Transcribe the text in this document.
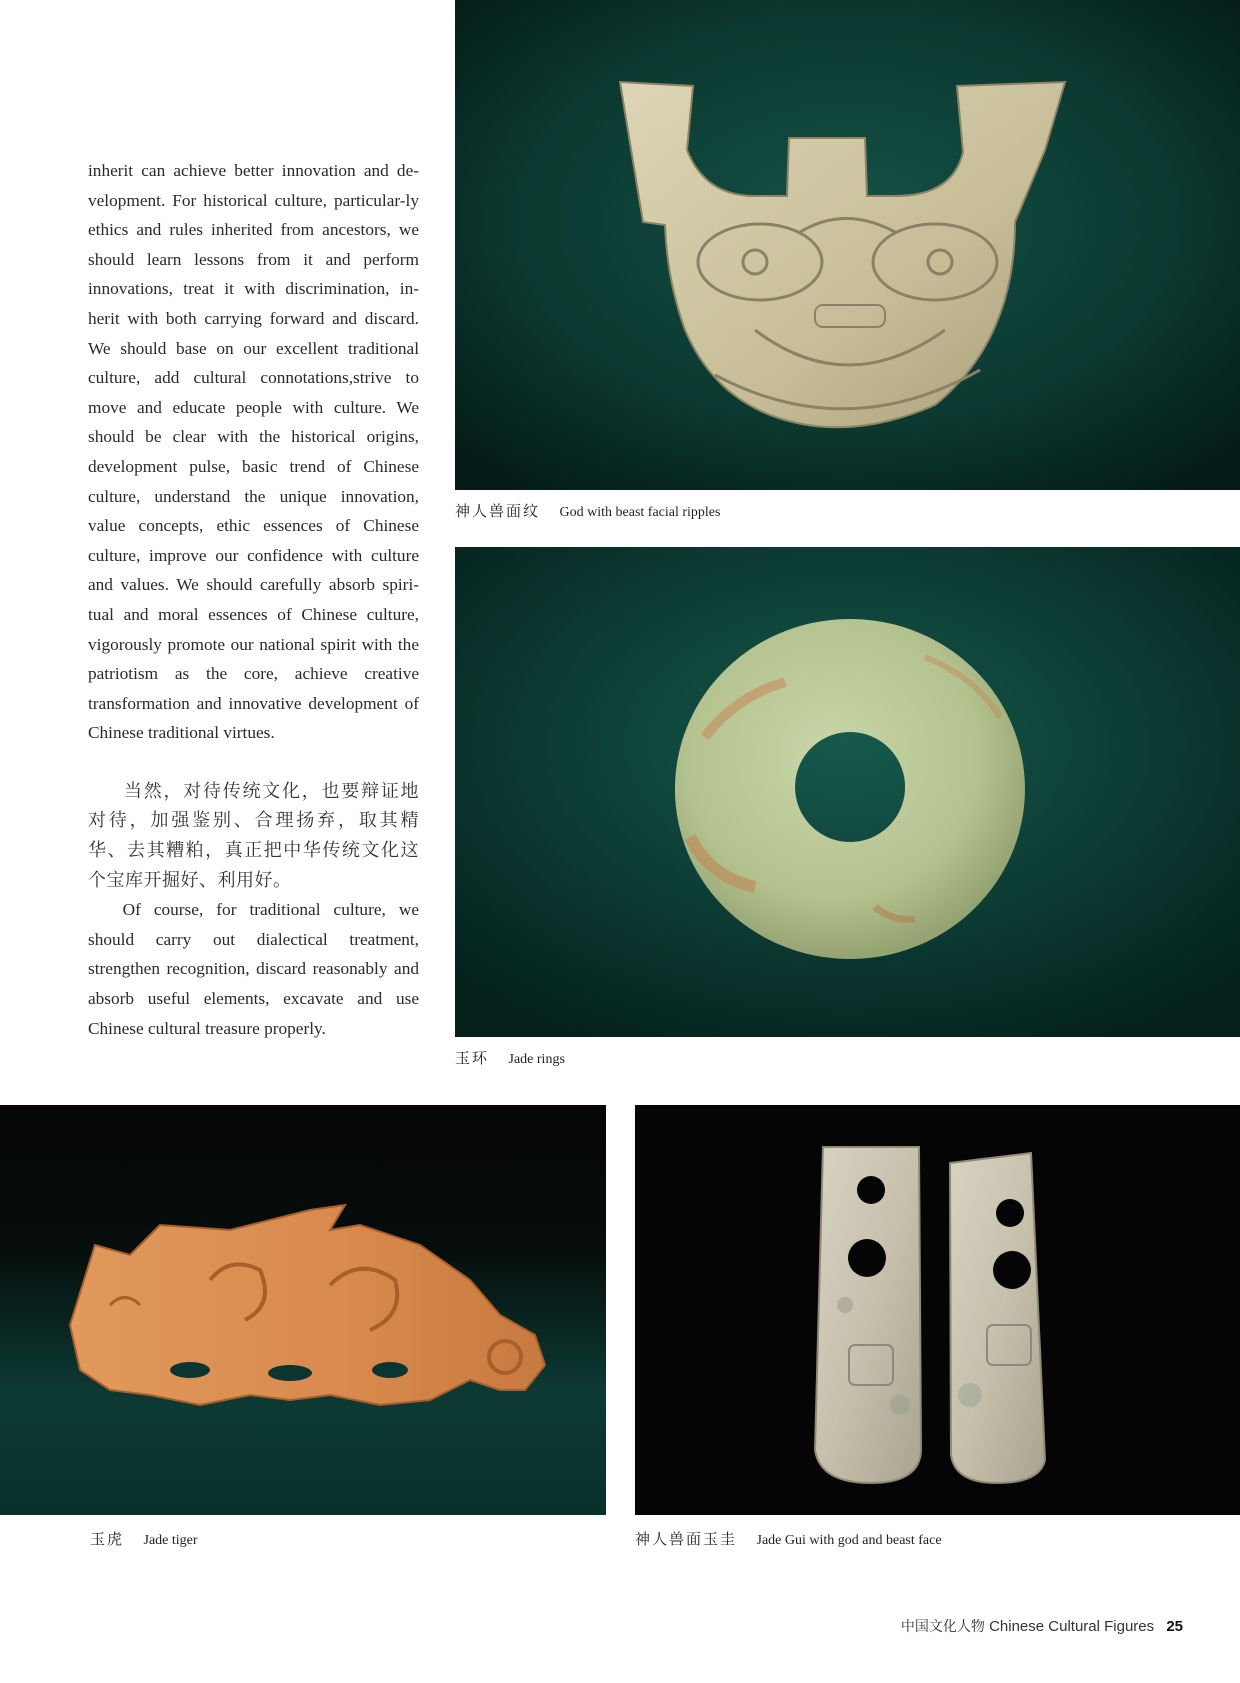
inherit can achieve better innovation and de-velopment. For historical culture, particular-ly ethics and rules inherited from ancestors, we should learn lessons from it and perform innovations, treat it with discrimination, in-herit with both carrying forward and discard. We should base on our excellent traditional culture, add cultural connotations,strive to move and educate people with culture. We should be clear with the historical origins, development pulse, basic trend of Chinese culture, understand the unique innovation, value concepts, ethic essences of Chinese culture, improve our confidence with culture and values. We should carefully absorb spiri-tual and moral essences of Chinese culture, vigorously promote our national spirit with the patriotism as the core, achieve creative transformation and innovative development of Chinese traditional virtues.

当然，对待传统文化，也要辩证地对待，加强鉴别、合理扬弃，取其精华、去其糟粕，真正把中华传统文化这个宝库开掘好、利用好。

Of course, for traditional culture, we should carry out dialectical treatment, strengthen recognition, discard reasonably and absorb useful elements, excavate and use Chinese cultural treasure properly.

神人兽面纹 God with beast facial ripples
玉环 Jade rings
玉虎 Jade tiger	神人兽面玉圭 Jade Gui with god and beast face
中国文化人物 Chinese Cultural Figures 25
